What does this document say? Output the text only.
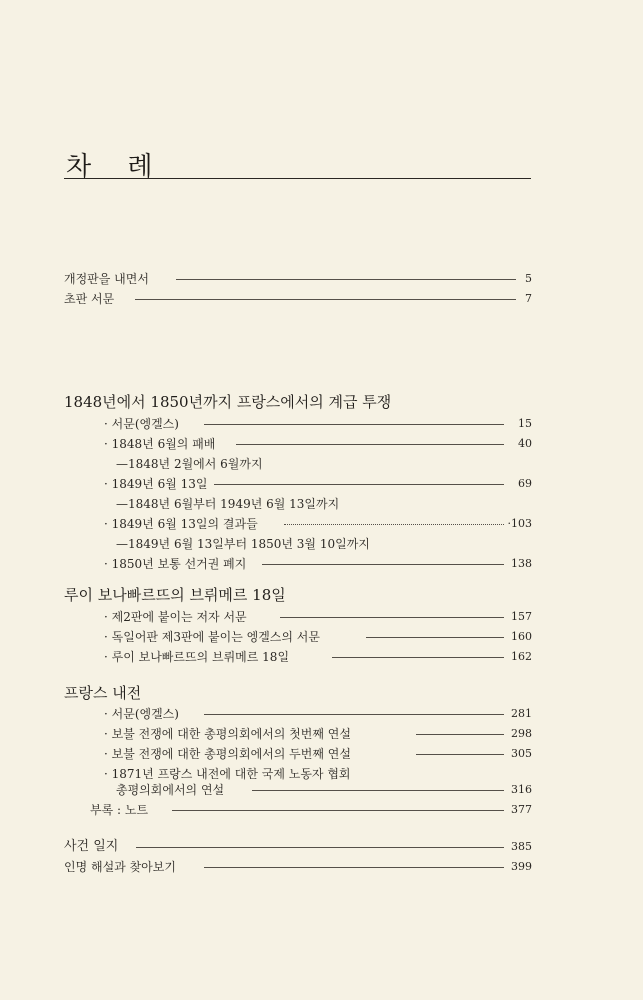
차 례
개정판을 내면서	5
초판 서문	7
1848년에서 1850년까지 프랑스에서의 계급 투쟁
· 서문(엥겔스)	15
· 1848년 6월의 패배	40
—1848년 2월에서 6월까지
· 1849년 6월 13일	69
—1848년 6월부터 1949년 6월 13일까지
· 1849년 6월 13일의 결과들	·103
—1849년 6월 13일부터 1850년 3월 10일까지
· 1850년 보통 선거권 폐지	138
루이 보나빠르뜨의 브뤼메르 18일
· 제2판에 붙이는 저자 서문	157
· 독일어판 제3판에 붙이는 엥겔스의 서문	160
· 루이 보나빠르뜨의 브뤼메르 18일	162
프랑스 내전
· 서문(엥겔스)	281
· 보불 전쟁에 대한 총평의회에서의 첫번째 연설	298
· 보불 전쟁에 대한 총평의회에서의 두번째 연설	305
· 1871년 프랑스 내전에 대한 국제 노동자 협회
총평의회에서의 연설	316
부록 : 노트	377
사건 일지	385
인명 해설과 찾아보기	399
